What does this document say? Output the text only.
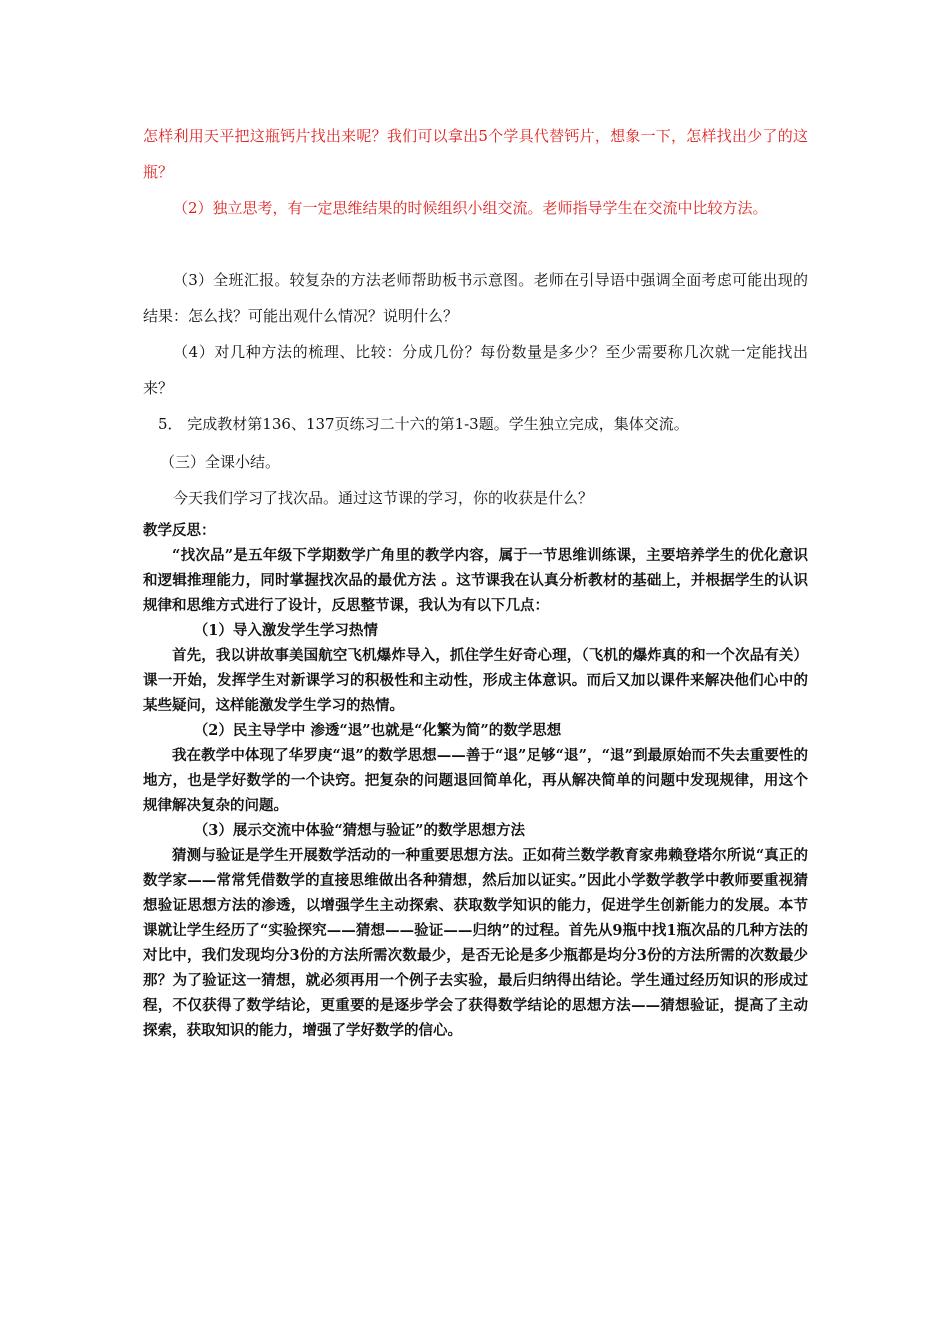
怎样利用天平把这瓶钙片找出来呢？我们可以拿出5个学具代替钙片，想象一下，怎样找出少了的这瓶？

（2）独立思考，有一定思维结果的时候组织小组交流。老师指导学生在交流中比较方法。

（3）全班汇报。较复杂的方法老师帮助板书示意图。老师在引导语中强调全面考虑可能出现的结果：怎么找？可能出观什么情况？说明什么？

（4）对几种方法的梳理、比较：分成几份？每份数量是多少？至少需要称几次就一定能找出来？

5． 完成教材第136、137页练习二十六的第1-3题。学生独立完成，集体交流。

（三）全课小结。

今天我们学习了找次品。通过这节课的学习，你的收获是什么？

教学反思：

“找次品”是五年级下学期数学广角里的教学内容，属于一节思维训练课，主要培养学生的优化意识和逻辑推理能力，同时掌握找次品的最优方法 。这节课我在认真分析教材的基础上，并根据学生的认识规律和思维方式进行了设计，反思整节课，我认为有以下几点：

（1）导入激发学生学习热情

首先，我以讲故事美国航空飞机爆炸导入，抓住学生好奇心理，（飞机的爆炸真的和一个次品有关）课一开始，发挥学生对新课学习的积极性和主动性，形成主体意识。而后又加以课件来解决他们心中的某些疑问，这样能激发学生学习的热情。

（2）民主导学中 渗透“退”也就是“化繁为简”的数学思想

我在教学中体现了华罗庚“退”的数学思想——善于“退”足够“退”，“退”到最原始而不失去重要性的地方，也是学好数学的一个诀窍。把复杂的问题退回简单化，再从解决简单的问题中发现规律，用这个规律解决复杂的问题。

（3）展示交流中体验“猜想与验证”的数学思想方法

猜测与验证是学生开展数学活动的一种重要思想方法。正如荷兰数学教育家弗赖登塔尔所说“真正的数学家——常常凭借数学的直接思维做出各种猜想，然后加以证实。”因此小学数学教学中教师要重视猜想验证思想方法的渗透，以增强学生主动探索、获取数学知识的能力，促进学生创新能力的发展。本节课就让学生经历了“实验探究——猜想——验证——归纳”的过程。首先从9瓶中找1瓶次品的几种方法的对比中，我们发现均分3份的方法所需次数最少，是否无论是多少瓶都是均分3份的方法所需的次数最少那？为了验证这一猜想，就必须再用一个例子去实验，最后归纳得出结论。学生通过经历知识的形成过程，不仅获得了数学结论，更重要的是逐步学会了获得数学结论的思想方法——猜想验证，提高了主动探索，获取知识的能力，增强了学好数学的信心。
